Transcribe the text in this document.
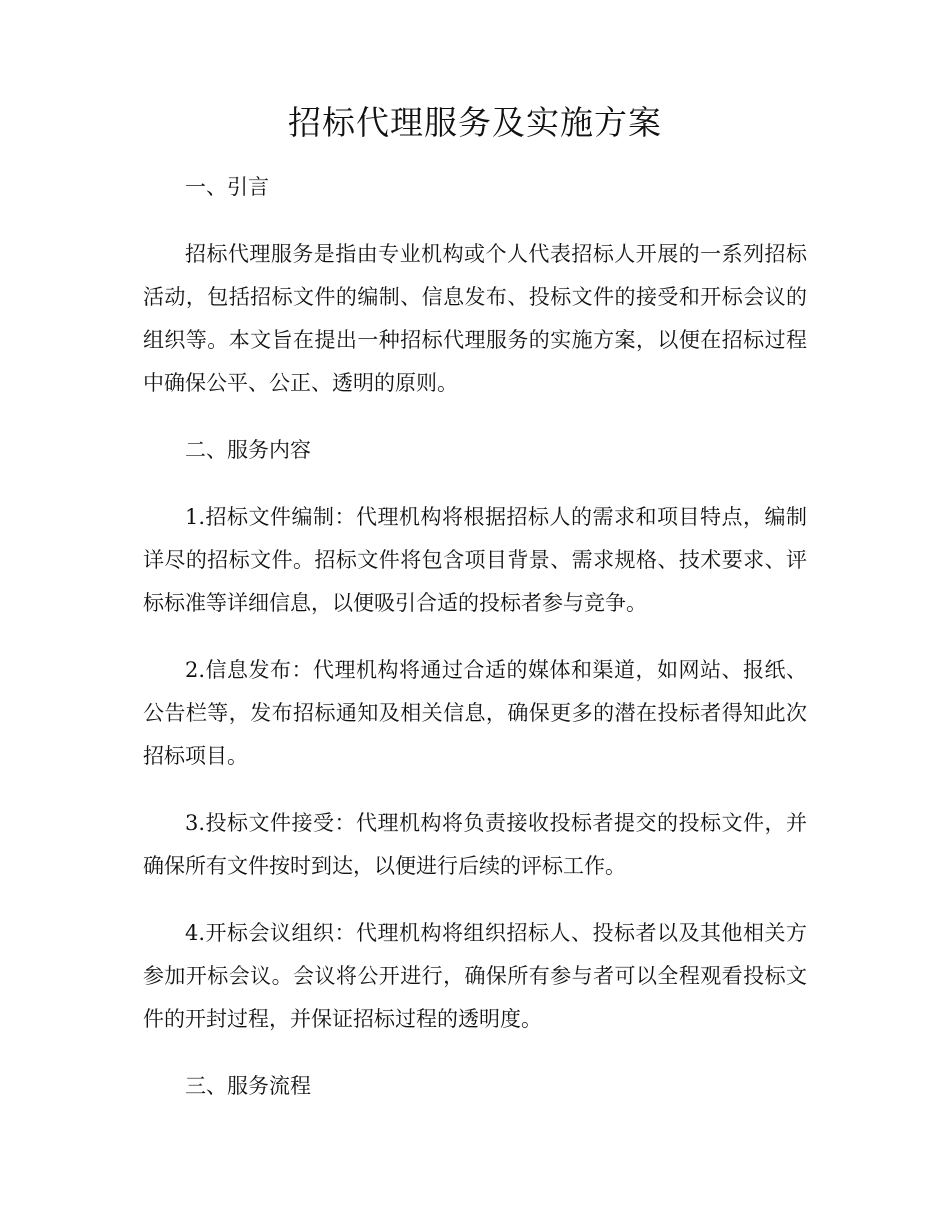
招标代理服务及实施方案

一、引言

招标代理服务是指由专业机构或个人代表招标人开展的一系列招标活动，包括招标文件的编制、信息发布、投标文件的接受和开标会议的组织等。本文旨在提出一种招标代理服务的实施方案，以便在招标过程中确保公平、公正、透明的原则。

二、服务内容

1.招标文件编制：代理机构将根据招标人的需求和项目特点，编制详尽的招标文件。招标文件将包含项目背景、需求规格、技术要求、评标标准等详细信息，以便吸引合适的投标者参与竞争。

2.信息发布：代理机构将通过合适的媒体和渠道，如网站、报纸、公告栏等，发布招标通知及相关信息，确保更多的潜在投标者得知此次招标项目。

3.投标文件接受：代理机构将负责接收投标者提交的投标文件，并确保所有文件按时到达，以便进行后续的评标工作。

4.开标会议组织：代理机构将组织招标人、投标者以及其他相关方参加开标会议。会议将公开进行，确保所有参与者可以全程观看投标文件的开封过程，并保证招标过程的透明度。

三、服务流程
